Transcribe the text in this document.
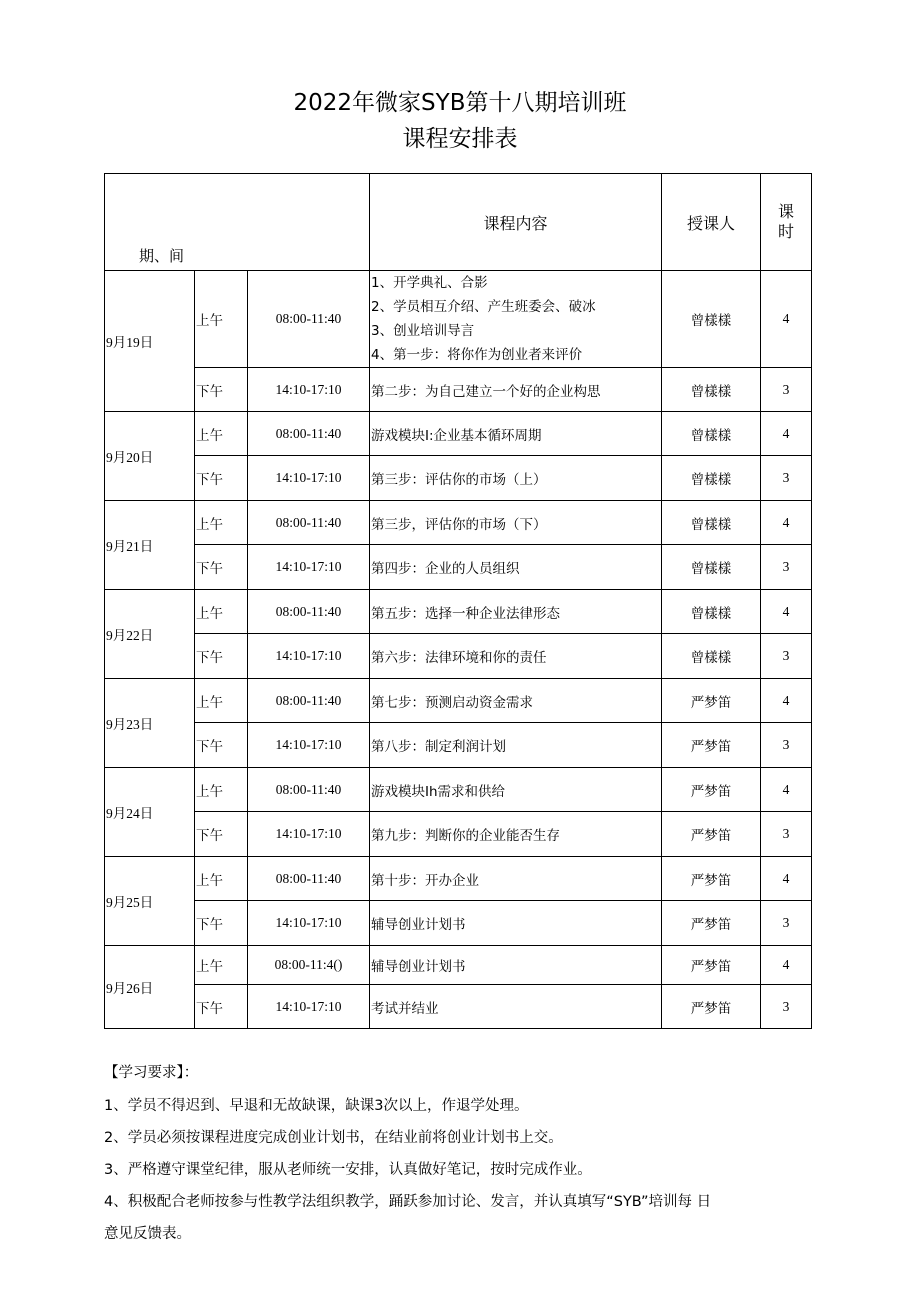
2022年微家SYB第十八期培训班
课程安排表
期、间			课程内容	授课人	课
时
9月19日	上午	08:00-11:40	1、开学典礼、合影
2、学员相互介绍、产生班委会、破冰
3、创业培训导言
4、第一步：将你作为创业者来评价	曾樣樣	4
	下午	14:10-17:10	第二步：为自己建立一个好的企业构思	曾樣樣	3
9月20日	上午	08:00-11:40	游戏模块I:企业基本循环周期	曾樣樣	4
	下午	14:10-17:10	第三步：评估你的市场（上）	曾樣樣	3
9月21日	上午	08:00-11:40	第三步，评估你的市场（下）	曾樣樣	4
	下午	14:10-17:10	第四步：企业的人员组织	曾樣樣	3
9月22日	上午	08:00-11:40	第五步：选择一种企业法律形态	曾樣樣	4
	下午	14:10-17:10	第六步：法律环境和你的责任	曾樣樣	3
9月23日	上午	08:00-11:40	第七步：预测启动资金需求	严梦笛	4
	下午	14:10-17:10	第八步：制定利润计划	严梦笛	3
9月24日	上午	08:00-11:40	游戏模块Ih需求和供给	严梦笛	4
	下午	14:10-17:10	第九步：判断你的企业能否生存	严梦笛	3
9月25日	上午	08:00-11:40	第十步：开办企业	严梦笛	4
	下午	14:10-17:10	辅导创业计划书	严梦笛	3
9月26日	上午	08:00-11:4()	辅导创业计划书	严梦笛	4
	下午	14:10-17:10	考试并结业	严梦笛	3
【学习要求】：
1、学员不得迟到、早退和无故缺课，缺课3次以上，作退学处理。
2、学员必须按课程进度完成创业计划书，在结业前将创业计划书上交。
3、严格遵守课堂纪律，服从老师统一安排，认真做好笔记，按时完成作业。
4、积极配合老师按参与性教学法组织教学，踊跃参加讨论、发言，并认真填写“SYB”培训每 日
意见反馈表。
